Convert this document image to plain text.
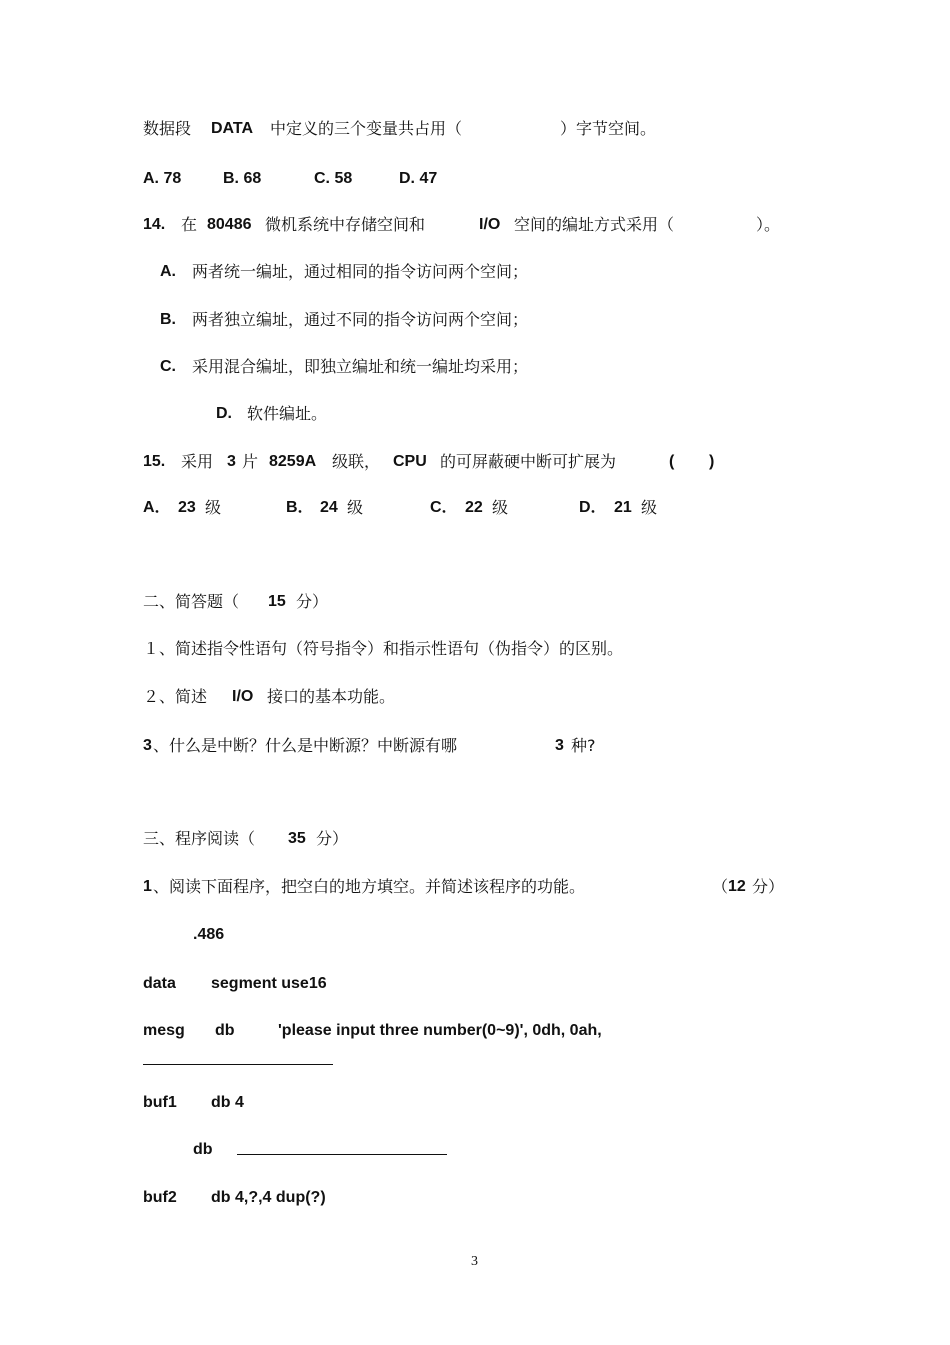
数据段 DATA 中定义的三个变量共占用（	）字节空间。
A. 78	B. 68	C. 58	D. 47
14. 在 80486 微机系统中存储空间和	I/O 空间的编址方式采用（	）。
A. 两者统一编址，通过相同的指令访问两个空间；
B. 两者独立编址，通过不同的指令访问两个空间；
C. 采用混合编址，即独立编址和统一编址均采用；
D. 软件编址。
15. 采用 3 片 8259A 级联， CPU 的可屏蔽硬中断可扩展为	( )
A． 23 级	B． 24 级	C． 22 级	D． 21 级
二、简答题（ 15 分）
１、简述指令性语句（符号指令）和指示性语句（伪指令）的区别。
２、简述 I/O 接口的基本功能。
3 、什么是中断？什么是中断源？中断源有哪	3 种?
三、程序阅读（ 35 分）
1 、阅读下面程序，把空白的地方填空。并简述该程序的功能。	（ 12 分）
.486
data segment use16
mesg db	'please input three number(0~9)', 0dh, 0ah,
buf1 db 4
db
buf2 db 4,?,4 dup(?)
3
